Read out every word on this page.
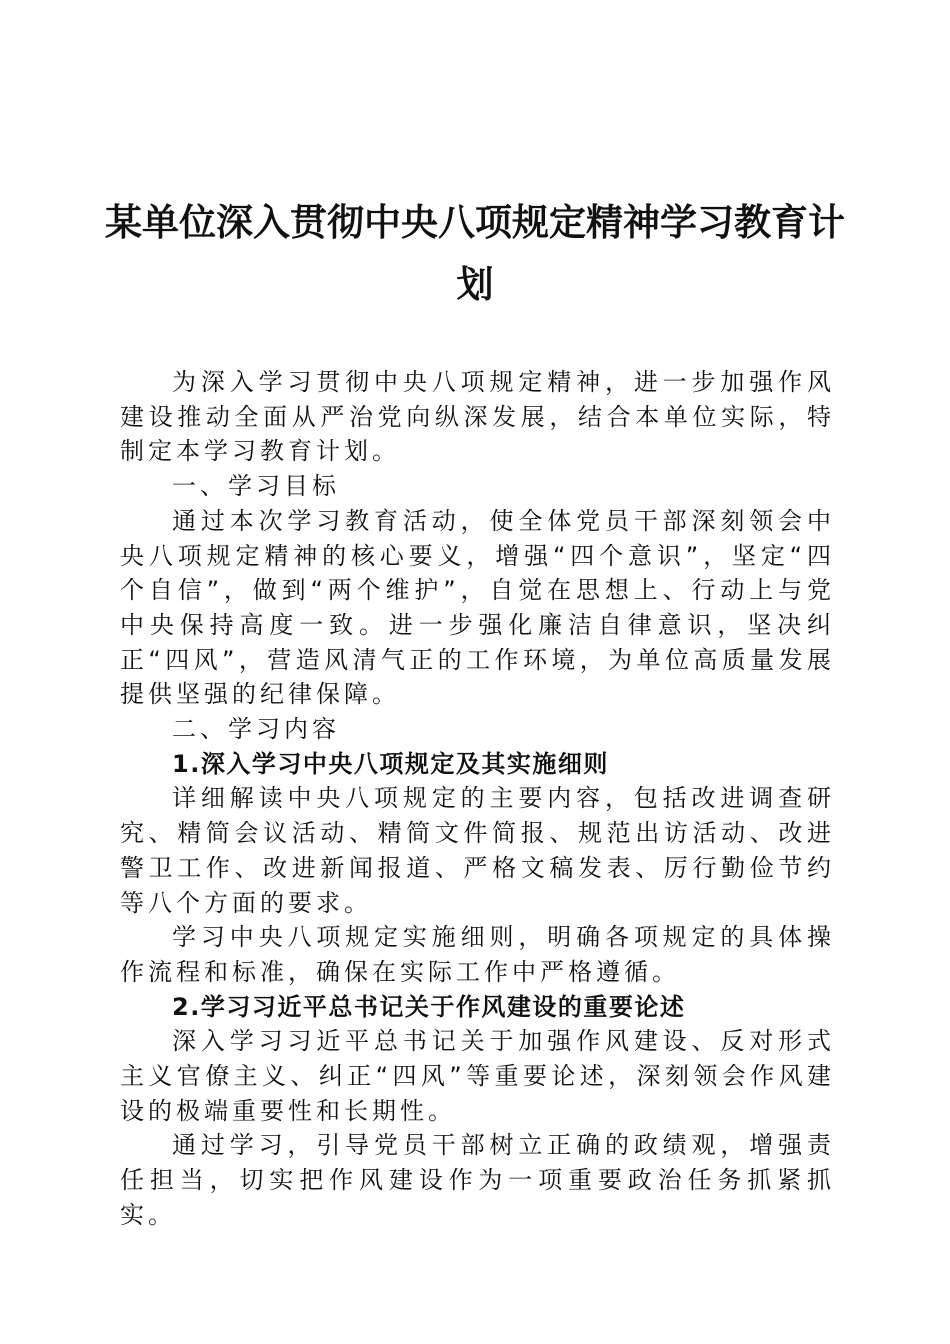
某单位深入贯彻中央八项规定精神学习教育计
划

为深入学习贯彻中央八项规定精神，进一步加强作风建设推动全面从严治党向纵深发展，结合本单位实际，特制定本学习教育计划。

一、学习目标

通过本次学习教育活动，使全体党员干部深刻领会中央八项规定精神的核心要义，增强“四个意识”，坚定“四个自信”，做到“两个维护”，自觉在思想上、行动上与党中央保持高度一致。进一步强化廉洁自律意识，坚决纠正“四风”，营造风清气正的工作环境，为单位高质量发展提供坚强的纪律保障。

二、学习内容

1.深入学习中央八项规定及其实施细则

详细解读中央八项规定的主要内容，包括改进调查研究、精简会议活动、精简文件简报、规范出访活动、改进警卫工作、改进新闻报道、严格文稿发表、厉行勤俭节约等八个方面的要求。

学习中央八项规定实施细则，明确各项规定的具体操作流程和标准，确保在实际工作中严格遵循。

2.学习习近平总书记关于作风建设的重要论述

深入学习习近平总书记关于加强作风建设、反对形式主义官僚主义、纠正“四风”等重要论述，深刻领会作风建设的极端重要性和长期性。

通过学习，引导党员干部树立正确的政绩观，增强责任担当，切实把作风建设作为一项重要政治任务抓紧抓实。
